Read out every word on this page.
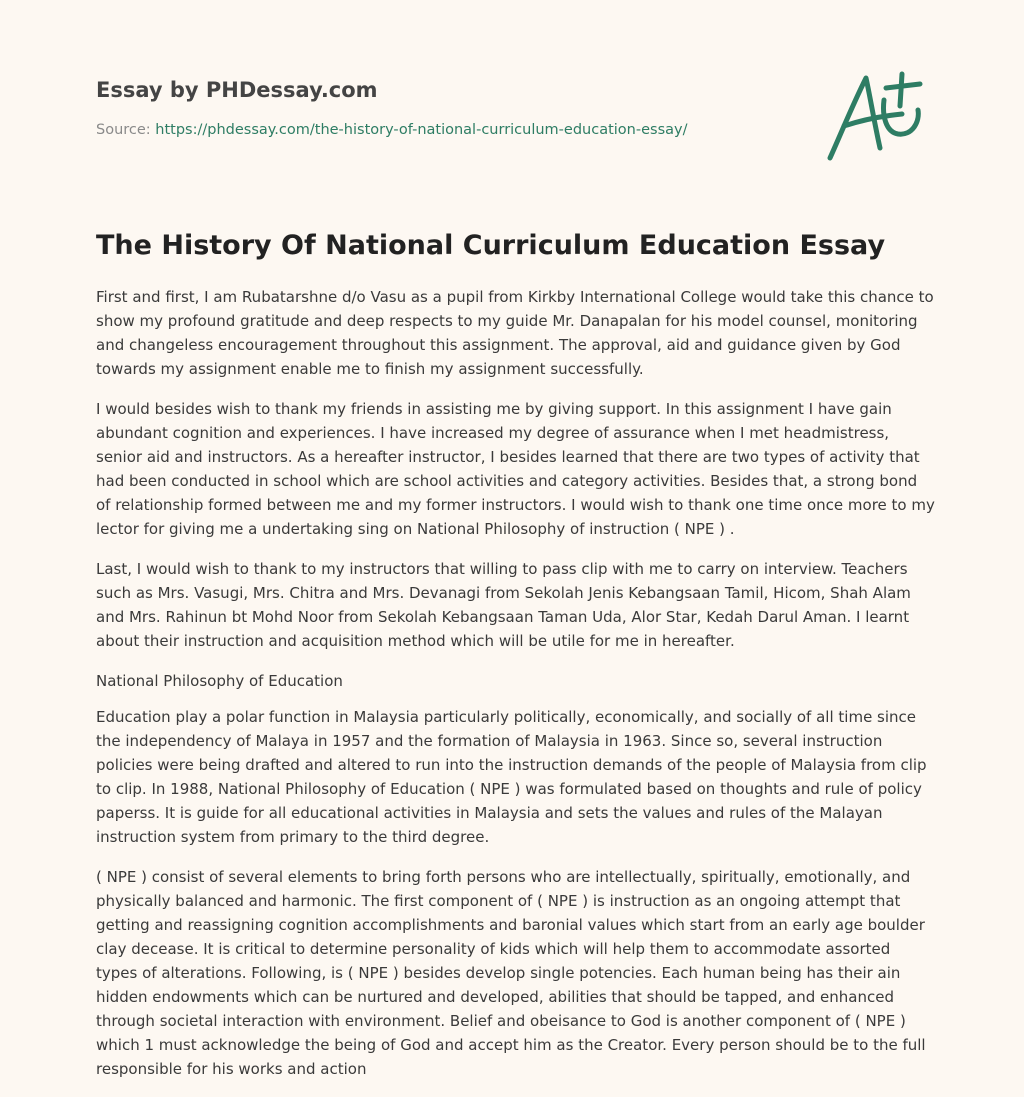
Essay by PHDessay.com

Source: https://phdessay.com/the-history-of-national-curriculum-education-essay/
The History Of National Curriculum Education Essay

First and first, I am Rubatarshne d/o Vasu as a pupil from Kirkby International College would take this chance to show my profound gratitude and deep respects to my guide Mr. Danapalan for his model counsel, monitoring and changeless encouragement throughout this assignment. The approval, aid and guidance given by God towards my assignment enable me to finish my assignment successfully.

I would besides wish to thank my friends in assisting me by giving support. In this assignment I have gain abundant cognition and experiences. I have increased my degree of assurance when I met headmistress, senior aid and instructors. As a hereafter instructor, I besides learned that there are two types of activity that had been conducted in school which are school activities and category activities. Besides that, a strong bond of relationship formed between me and my former instructors. I would wish to thank one time once more to my lector for giving me a undertaking sing on National Philosophy of instruction ( NPE ) .

Last, I would wish to thank to my instructors that willing to pass clip with me to carry on interview. Teachers such as Mrs. Vasugi, Mrs. Chitra and Mrs. Devanagi from Sekolah Jenis Kebangsaan Tamil, Hicom, Shah Alam and Mrs. Rahinun bt Mohd Noor from Sekolah Kebangsaan Taman Uda, Alor Star, Kedah Darul Aman. I learnt about their instruction and acquisition method which will be utile for me in hereafter.

National Philosophy of Education

Education play a polar function in Malaysia particularly politically, economically, and socially of all time since the independency of Malaya in 1957 and the formation of Malaysia in 1963. Since so, several instruction policies were being drafted and altered to run into the instruction demands of the people of Malaysia from clip to clip. In 1988, National Philosophy of Education ( NPE ) was formulated based on thoughts and rule of policy paperss. It is guide for all educational activities in Malaysia and sets the values and rules of the Malayan instruction system from primary to the third degree.

( NPE ) consist of several elements to bring forth persons who are intellectually, spiritually, emotionally, and physically balanced and harmonic. The first component of ( NPE ) is instruction as an ongoing attempt that getting and reassigning cognition accomplishments and baronial values which start from an early age boulder clay decease. It is critical to determine personality of kids which will help them to accommodate assorted types of alterations. Following, is ( NPE ) besides develop single potencies. Each human being has their ain hidden endowments which can be nurtured and developed, abilities that should be tapped, and enhanced through societal interaction with environment. Belief and obeisance to God is another component of ( NPE ) which 1 must acknowledge the being of God and accept him as the Creator. Every person should be to the full responsible for his works and action
